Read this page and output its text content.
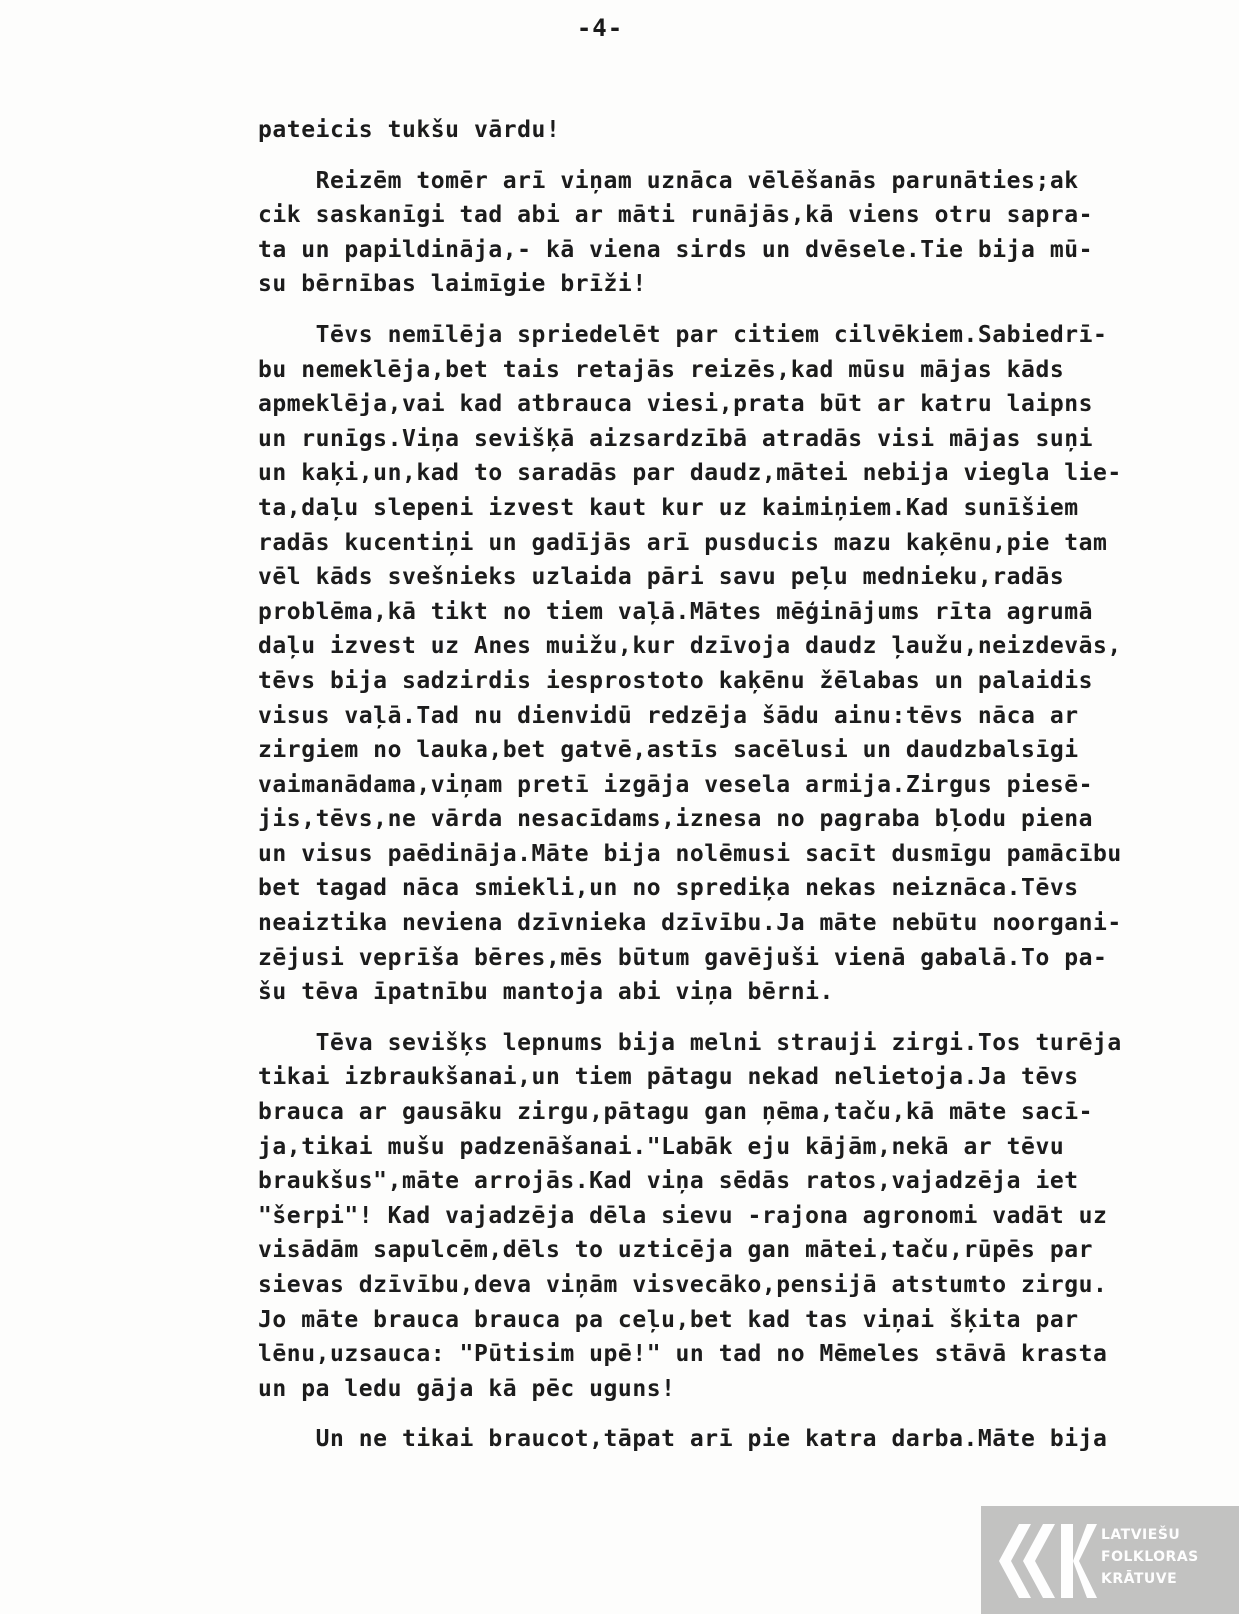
-4-
pateicis tukšu vārdu!
Reizēm tomēr arī viņam uznāca vēlēšanās parunāties;ak
cik saskanīgi tad abi ar māti runājās,kā viens otru sapra-
ta un papildināja,- kā viena sirds un dvēsele.Tie bija mū-
su bērnības laimīgie brīži!
Tēvs nemīlēja spriedelēt par citiem cilvēkiem.Sabiedrī-
bu nemeklēja,bet tais retajās reizēs,kad mūsu mājas kāds
apmeklēja,vai kad atbrauca viesi,prata būt ar katru laipns
un runīgs.Viņa sevišķā aizsardzībā atradās visi mājas suņi
un kaķi,un,kad to saradās par daudz,mātei nebija viegla lie-
ta,daļu slepeni izvest kaut kur uz kaimiņiem.Kad sunīšiem
radās kucentiņi un gadījās arī pusducis mazu kaķēnu,pie tam
vēl kāds svešnieks uzlaida pāri savu peļu mednieku,radās
problēma,kā tikt no tiem vaļā.Mātes mēģinājums rīta agrumā
daļu izvest uz Anes muižu,kur dzīvoja daudz ļaužu,neizdevās,
tēvs bija sadzirdis iesprostoto kaķēnu žēlabas un palaidis
visus vaļā.Tad nu dienvidū redzēja šādu ainu:tēvs nāca ar
zirgiem no lauka,bet gatvē,astīs sacēlusi un daudzbalsīgi
vaimanādama,viņam pretī izgāja vesela armija.Zirgus piesē-
jis,tēvs,ne vārda nesacīdams,iznesa no pagraba bļodu piena
un visus paēdināja.Māte bija nolēmusi sacīt dusmīgu pamācību
bet tagad nāca smiekli,un no sprediķa nekas neiznāca.Tēvs
neaiztika neviena dzīvnieka dzīvību.Ja māte nebūtu noorgani-
zējusi veprīša bēres,mēs būtum gavējuši vienā gabalā.To pa-
šu tēva īpatnību mantoja abi viņa bērni.
Tēva sevišķs lepnums bija melni strauji zirgi.Tos turēja
tikai izbraukšanai,un tiem pātagu nekad nelietoja.Ja tēvs
brauca ar gausāku zirgu,pātagu gan ņēma,taču,kā māte sacī-
ja,tikai mušu padzenāšanai."Labāk eju kājām,nekā ar tēvu
braukšus",māte arrojās.Kad viņa sēdās ratos,vajadzēja iet
"šerpi"! Kad vajadzēja dēla sievu -rajona agronomi vadāt uz
visādām sapulcēm,dēls to uzticēja gan mātei,taču,rūpēs par
sievas dzīvību,deva viņām visvecāko,pensijā atstumto zirgu.
Jo māte brauca brauca pa ceļu,bet kad tas viņai šķita par
lēnu,uzsauca: "Pūtisim upē!" un tad no Mēmeles stāvā krasta
un pa ledu gāja kā pēc uguns!
Un ne tikai braucot,tāpat arī pie katra darba.Māte bija
LATVIEŠU
FOLKLORAS
KRĀTUVE
